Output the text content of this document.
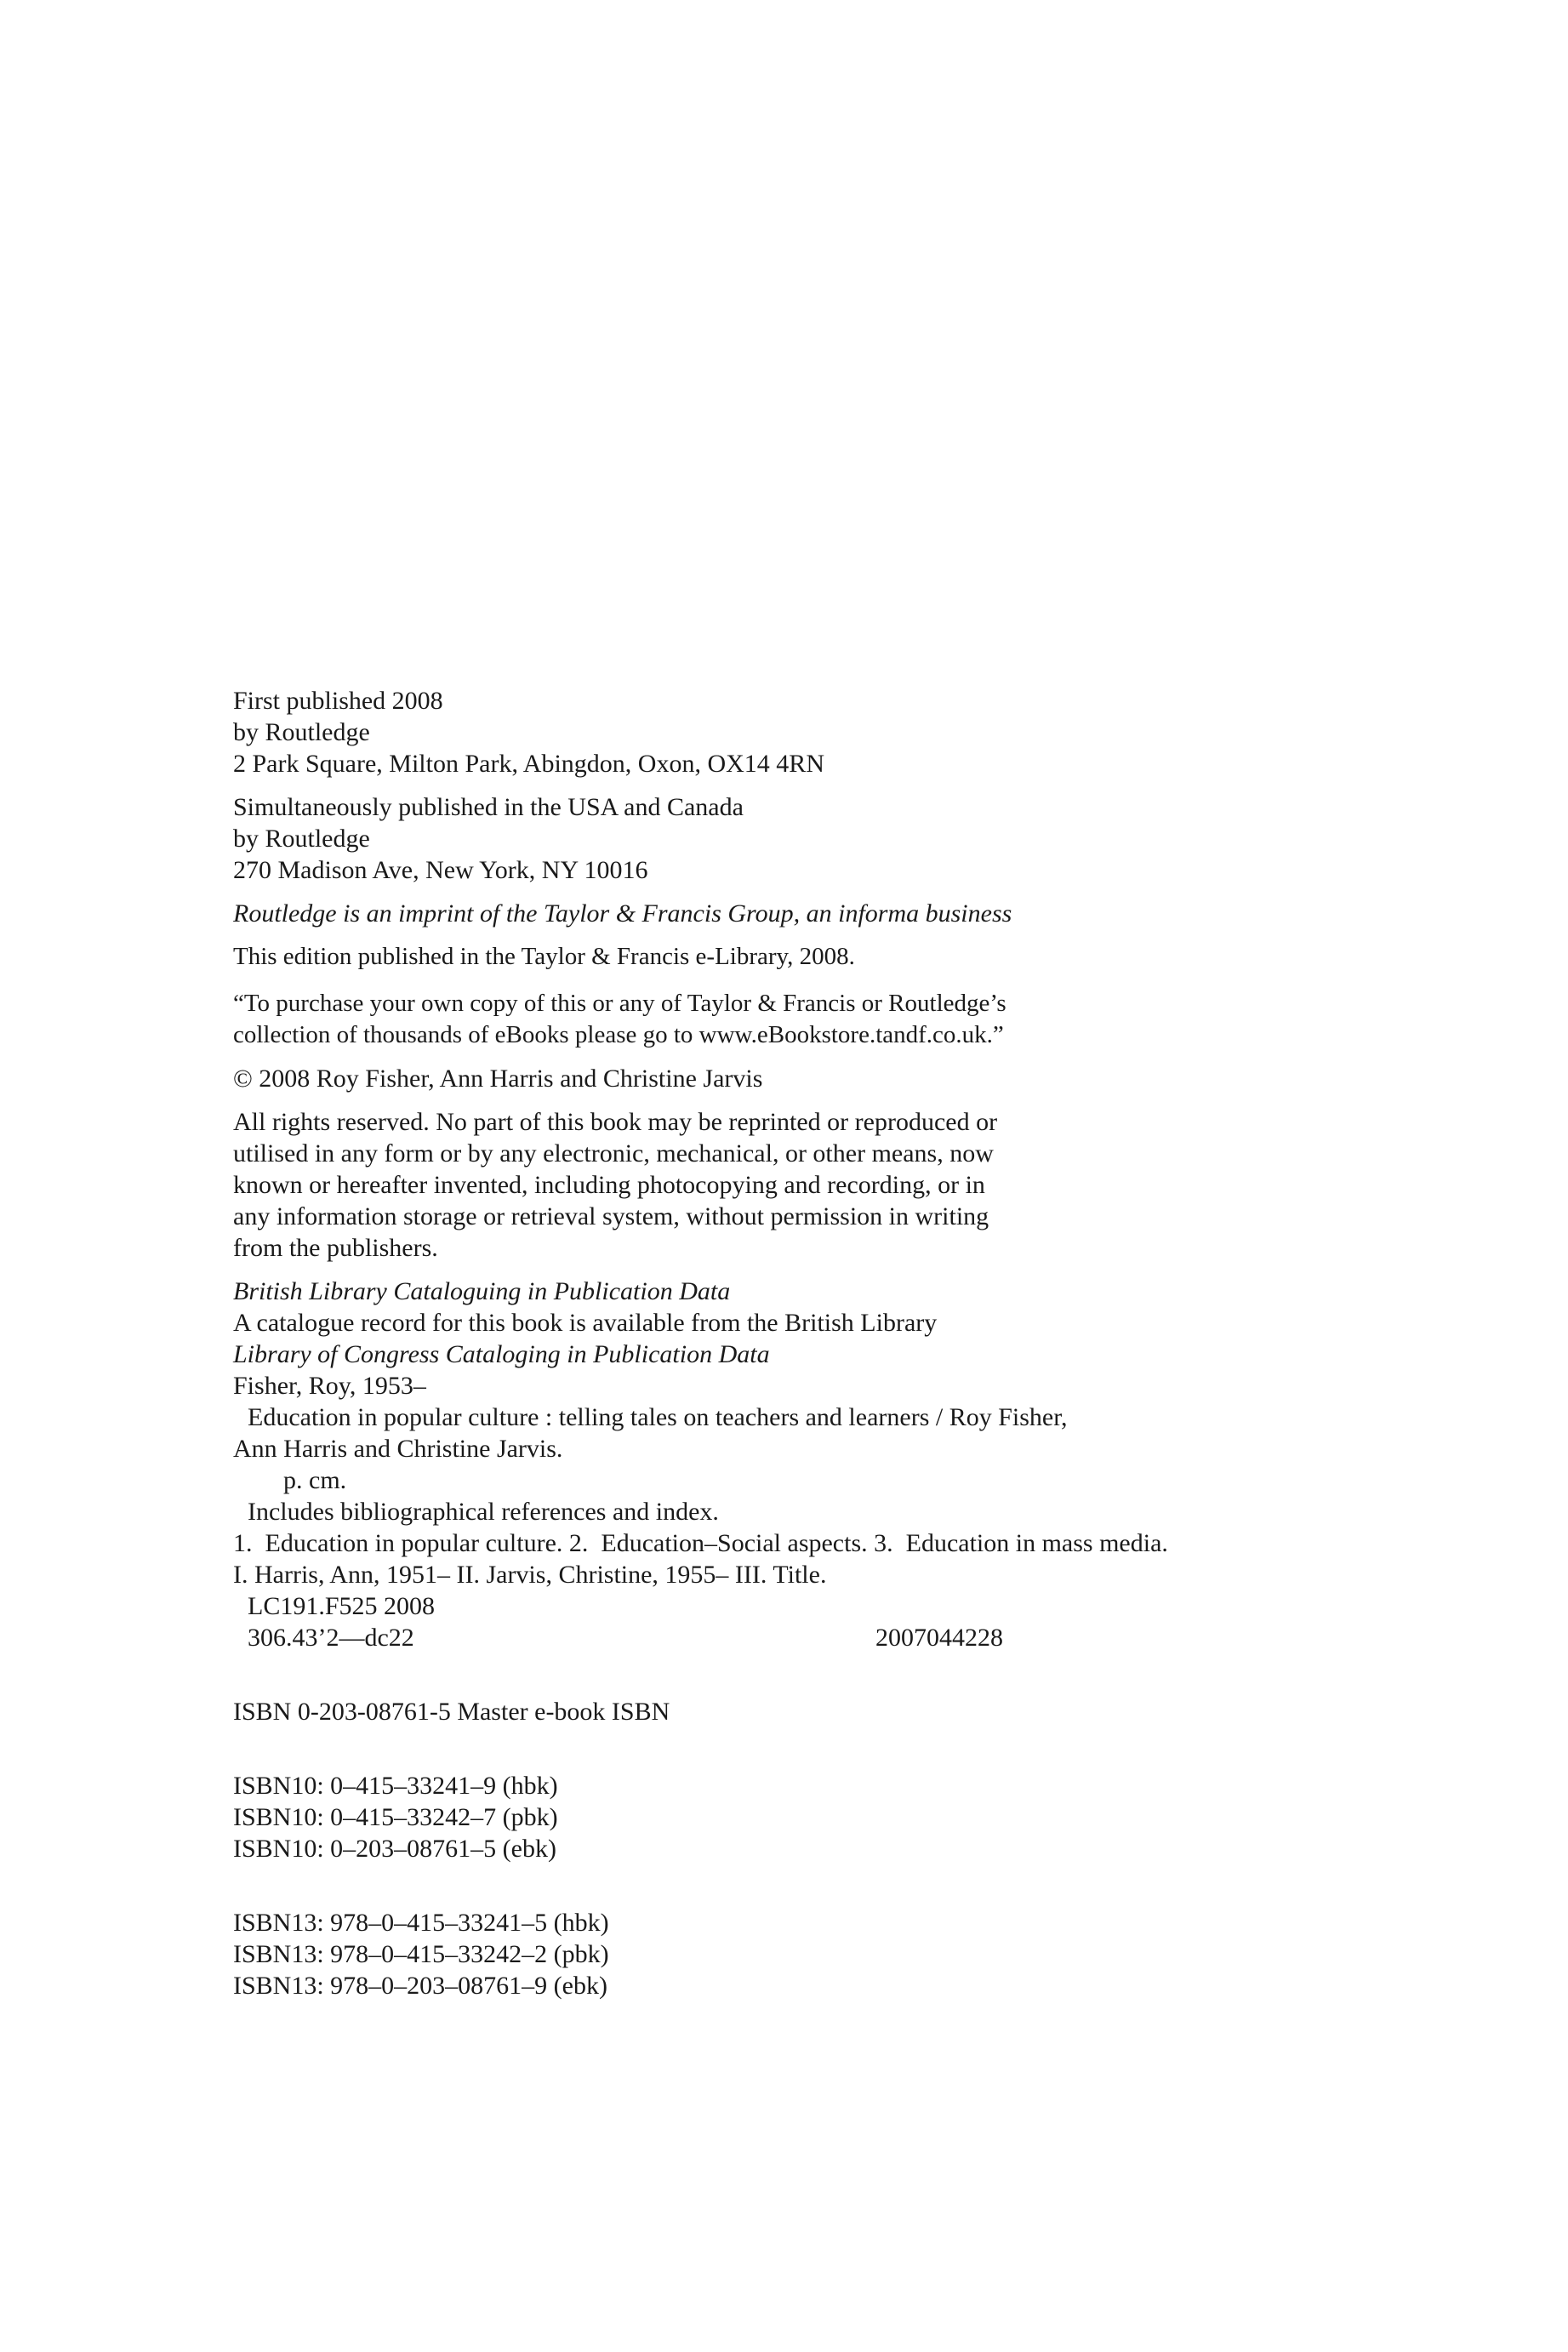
First published 2008
by Routledge
2 Park Square, Milton Park, Abingdon, Oxon, OX14 4RN
Simultaneously published in the USA and Canada
by Routledge
270 Madison Ave, New York, NY 10016
Routledge is an imprint of the Taylor & Francis Group, an informa business
This edition published in the Taylor & Francis e-Library, 2008.
“To purchase your own copy of this or any of Taylor & Francis or Routledge’s
collection of thousands of eBooks please go to www.eBookstore.tandf.co.uk.”
© 2008 Roy Fisher, Ann Harris and Christine Jarvis
All rights reserved. No part of this book may be reprinted or reproduced or
utilised in any form or by any electronic, mechanical, or other means, now
known or hereafter invented, including photocopying and recording, or in
any information storage or retrieval system, without permission in writing
from the publishers.
British Library Cataloguing in Publication Data
A catalogue record for this book is available from the British Library
Library of Congress Cataloging in Publication Data
Fisher, Roy, 1953–
Education in popular culture : telling tales on teachers and learners / Roy Fisher,
Ann Harris and Christine Jarvis.
p. cm.
Includes bibliographical references and index.
1.  Education in popular culture. 2.  Education–Social aspects. 3.  Education in mass media.
I. Harris, Ann, 1951– II. Jarvis, Christine, 1955– III. Title.
LC191.F525 2008
306.43’2—dc22	2007044228
ISBN 0-203-08761-5 Master e-book ISBN
ISBN10: 0–415–33241–9 (hbk)
ISBN10: 0–415–33242–7 (pbk)
ISBN10: 0–203–08761–5 (ebk)
ISBN13: 978–0–415–33241–5 (hbk)
ISBN13: 978–0–415–33242–2 (pbk)
ISBN13: 978–0–203–08761–9 (ebk)
